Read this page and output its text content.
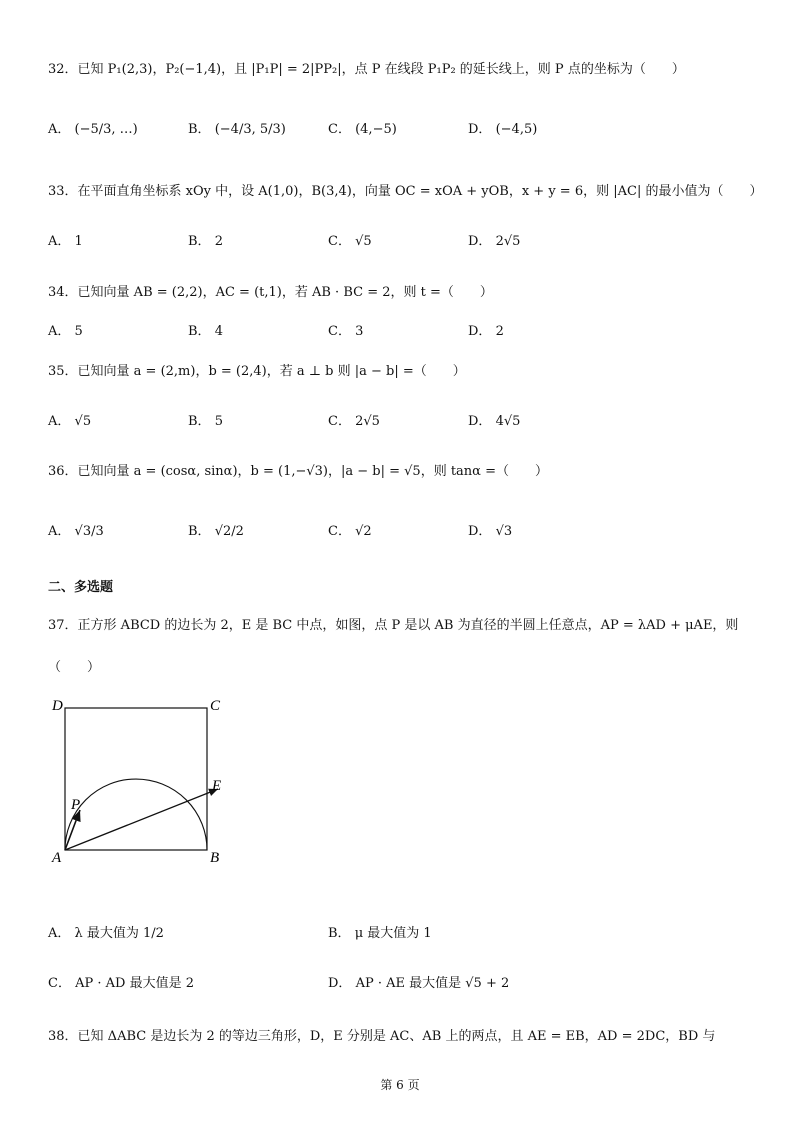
32．已知 P₁(2,3)，P₂(−1,4)，且 |P₁P| = 2|PP₂|，点 P 在线段 P₁P₂ 的延长线上，则 P 点的坐标为（　　）
A． (−5/3, …)	B． (−4/3, 5/3)	C． (4,−5)	D． (−4,5)
33．在平面直角坐标系 xOy 中，设 A(1,0)，B(3,4)，向量 OC = xOA + yOB，x + y = 6，则 |AC| 的最小值为（　　）
A． 1	B． 2	C． √5	D． 2√5
34．已知向量 AB = (2,2)，AC = (t,1)，若 AB · BC = 2，则 t =（　　）
A． 5	B． 4	C． 3	D． 2
35．已知向量 a = (2,m)，b = (2,4)，若 a ⊥ b 则 |a − b| =（　　）
A． √5	B． 5	C． 2√5	D． 4√5
36．已知向量 a = (cosα, sinα)，b = (1,−√3)，|a − b| = √5，则 tanα =（　　）
A． √3/3	B． √2/2	C． √2	D． √3
二、多选题
37．正方形 ABCD 的边长为 2，E 是 BC 中点，如图，点 P 是以 AB 为直径的半圆上任意点，AP = λAD + μAE，则
（　　）
D	C
A	B
E
P
A． λ 最大值为 1/2	B． μ 最大值为 1
C． AP · AD 最大值是 2	D． AP · AE 最大值是 √5 + 2
38．已知 ΔABC 是边长为 2 的等边三角形，D，E 分别是 AC、AB 上的两点，且 AE = EB，AD = 2DC，BD 与
第 6 页
